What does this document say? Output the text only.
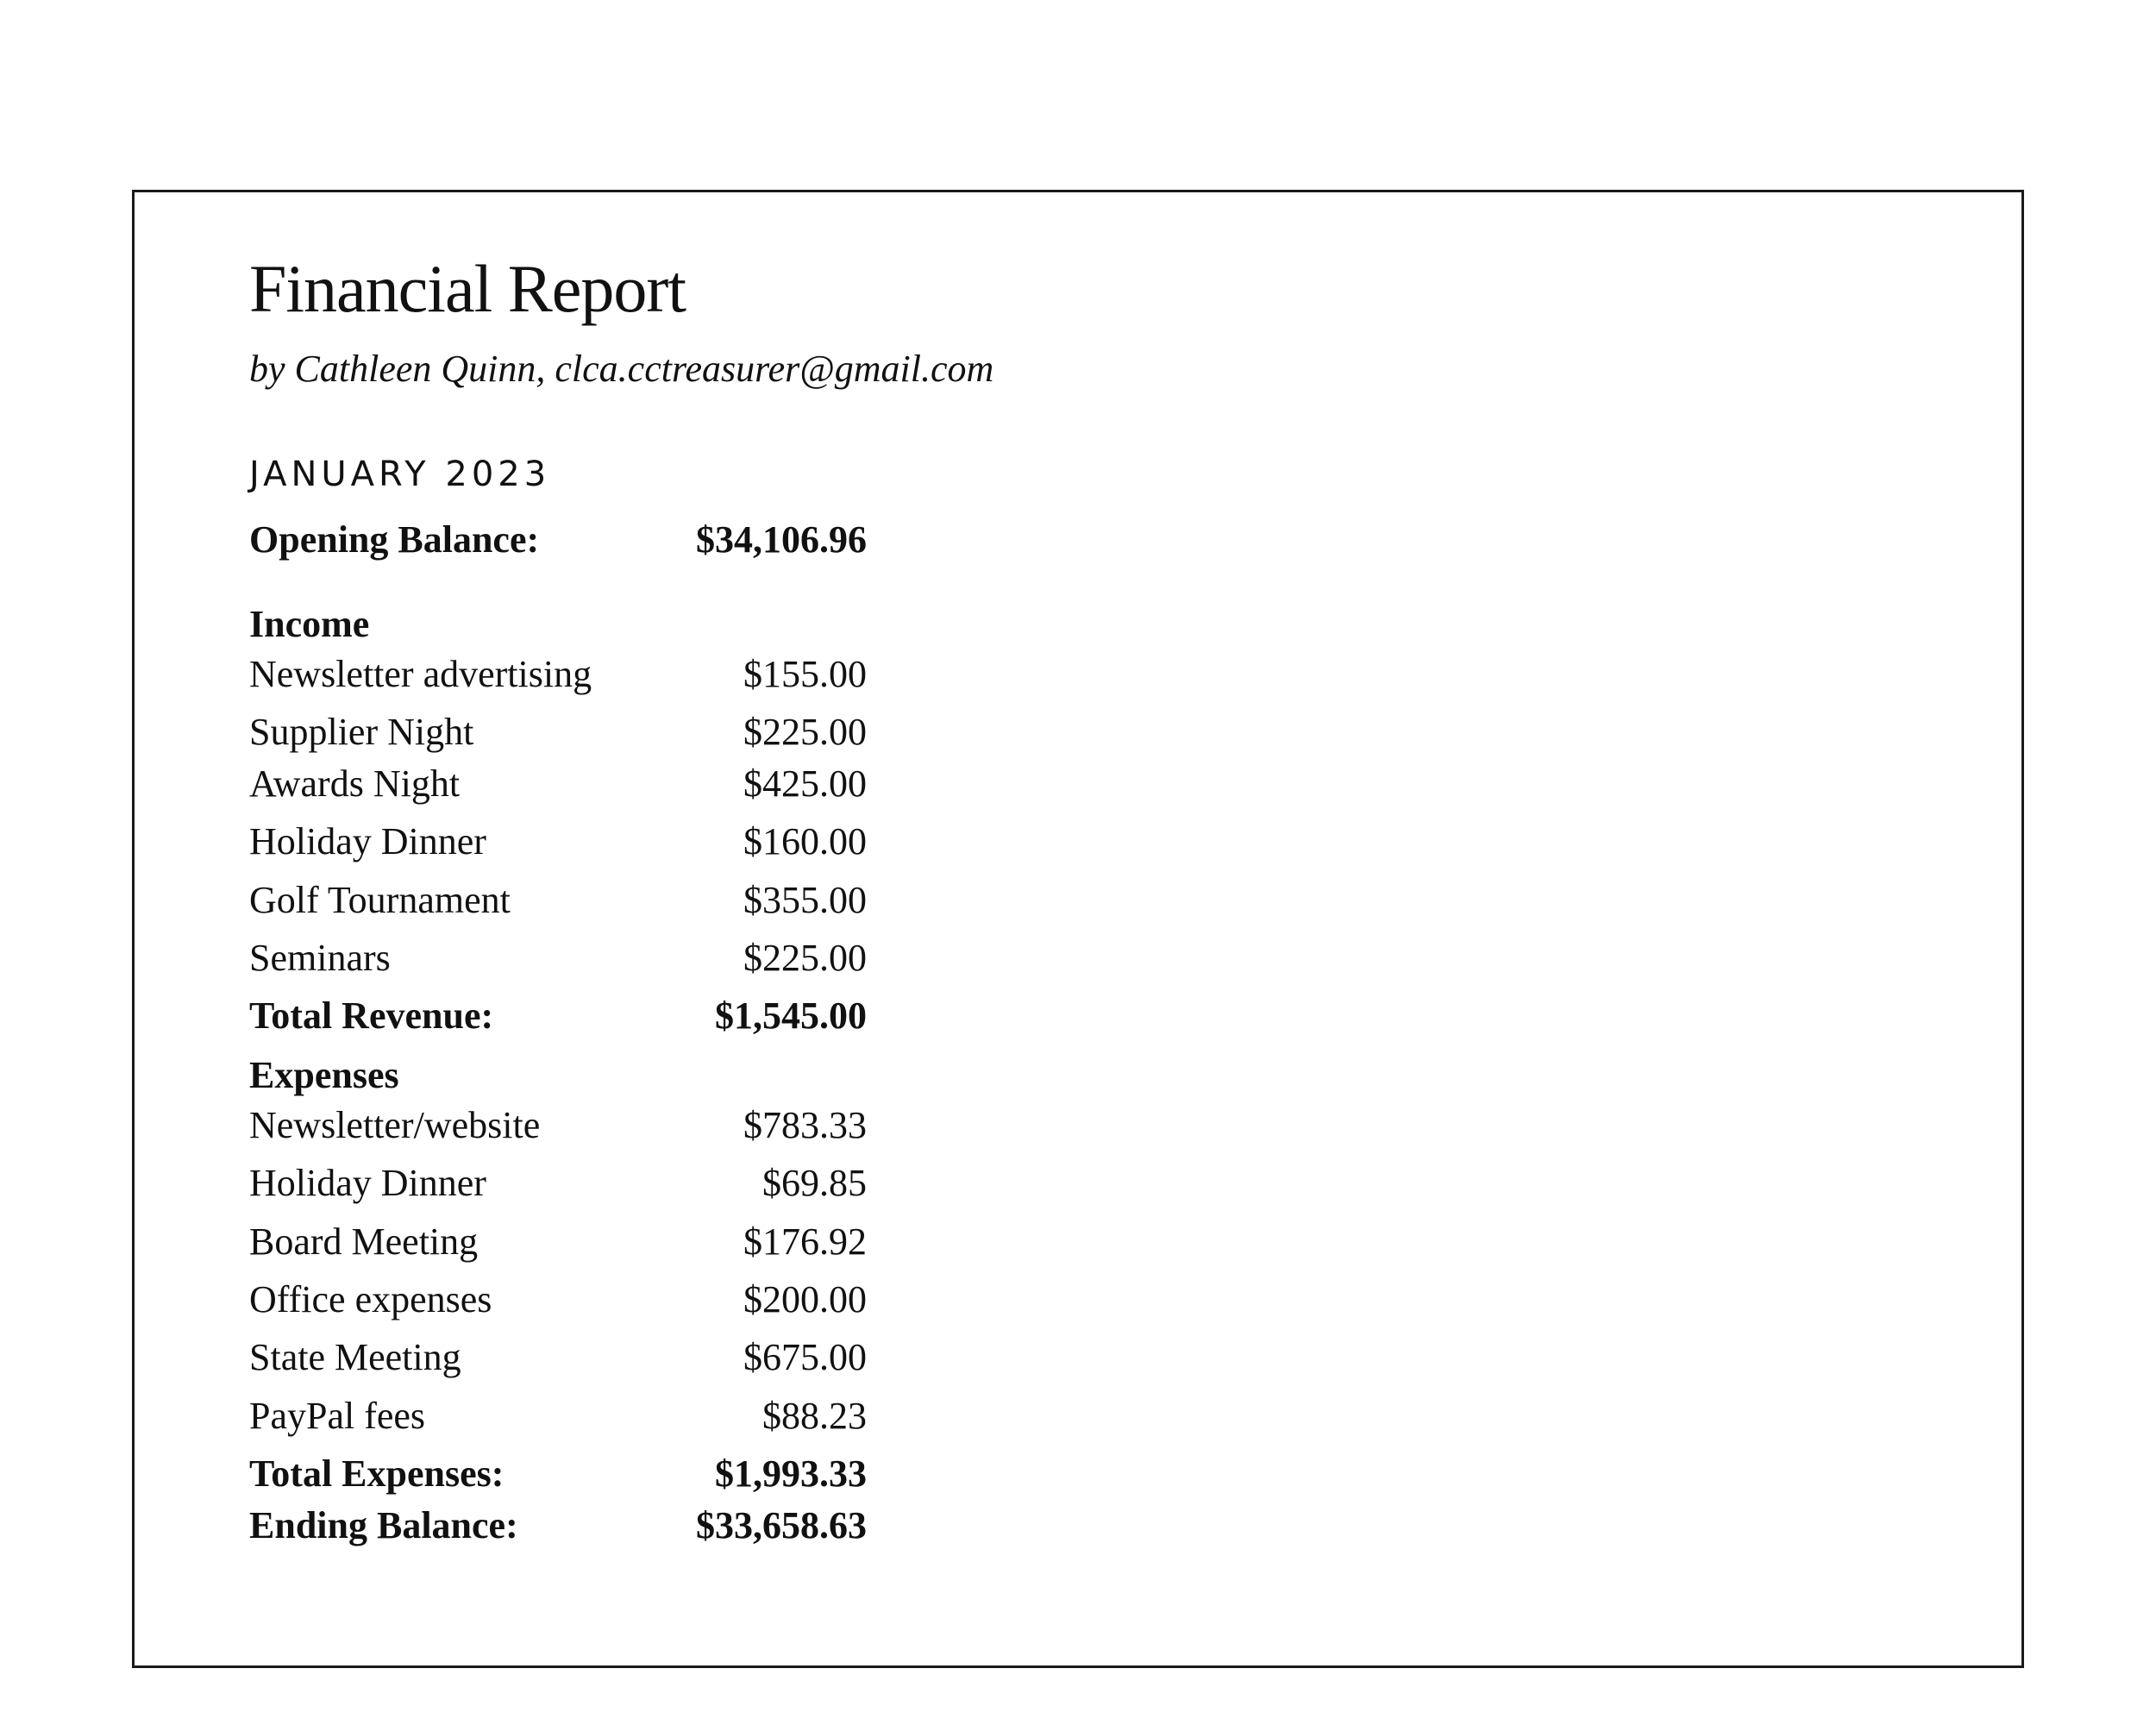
Financial Report

by Cathleen Quinn, clca.cctreasurer@gmail.com

JANUARY 2023

Opening Balance:	$34,106.96
Income
Newsletter advertising	$155.00
Supplier Night	$225.00
Awards Night	$425.00
Holiday Dinner	$160.00
Golf Tournament	$355.00
Seminars	$225.00
Total Revenue:	$1,545.00
Expenses
Newsletter/website	$783.33
Holiday Dinner	$69.85
Board Meeting	$176.92
Office expenses	$200.00
State Meeting	$675.00
PayPal fees	$88.23
Total Expenses:	$1,993.33
Ending Balance:	$33,658.63
